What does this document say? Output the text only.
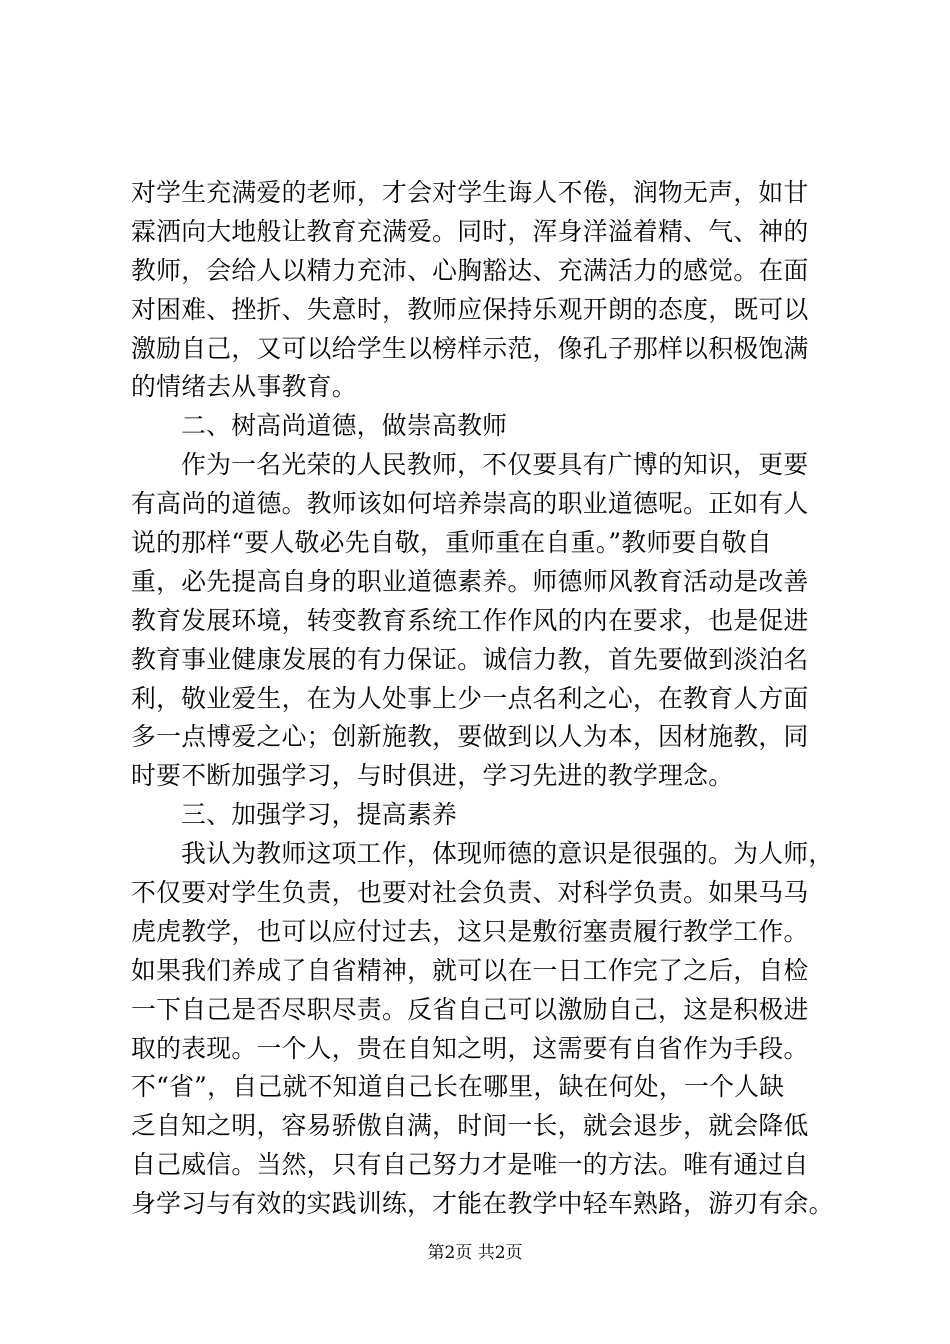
对学生充满爱的老师，才会对学生诲人不倦，润物无声，如甘
霖洒向大地般让教育充满爱。同时，浑身洋溢着精、气、神的
教师，会给人以精力充沛、心胸豁达、充满活力的感觉。在面
对困难、挫折、失意时，教师应保持乐观开朗的态度，既可以
激励自己，又可以给学生以榜样示范，像孔子那样以积极饱满
的情绪去从事教育。
二、树高尚道德，做崇高教师
作为一名光荣的人民教师，不仅要具有广博的知识，更要
有高尚的道德。教师该如何培养崇高的职业道德呢。正如有人
说的那样“要人敬必先自敬，重师重在自重。”教师要自敬自
重，必先提高自身的职业道德素养。师德师风教育活动是改善
教育发展环境，转变教育系统工作作风的内在要求，也是促进
教育事业健康发展的有力保证。诚信力教，首先要做到淡泊名
利，敬业爱生，在为人处事上少一点名利之心，在教育人方面
多一点博爱之心；创新施教，要做到以人为本，因材施教，同
时要不断加强学习，与时俱进，学习先进的教学理念。
三、加强学习，提高素养
我认为教师这项工作，体现师德的意识是很强的。为人师，
不仅要对学生负责，也要对社会负责、对科学负责。如果马马
虎虎教学，也可以应付过去，这只是敷衍塞责履行教学工作。
如果我们养成了自省精神，就可以在一日工作完了之后，自检
一下自己是否尽职尽责。反省自己可以激励自己，这是积极进
取的表现。一个人，贵在自知之明，这需要有自省作为手段。
不“省”，自己就不知道自己长在哪里，缺在何处，一个人缺
乏自知之明，容易骄傲自满，时间一长，就会退步，就会降低
自己威信。当然，只有自己努力才是唯一的方法。唯有通过自
身学习与有效的实践训练，才能在教学中轻车熟路，游刃有余。
第2页 共2页
